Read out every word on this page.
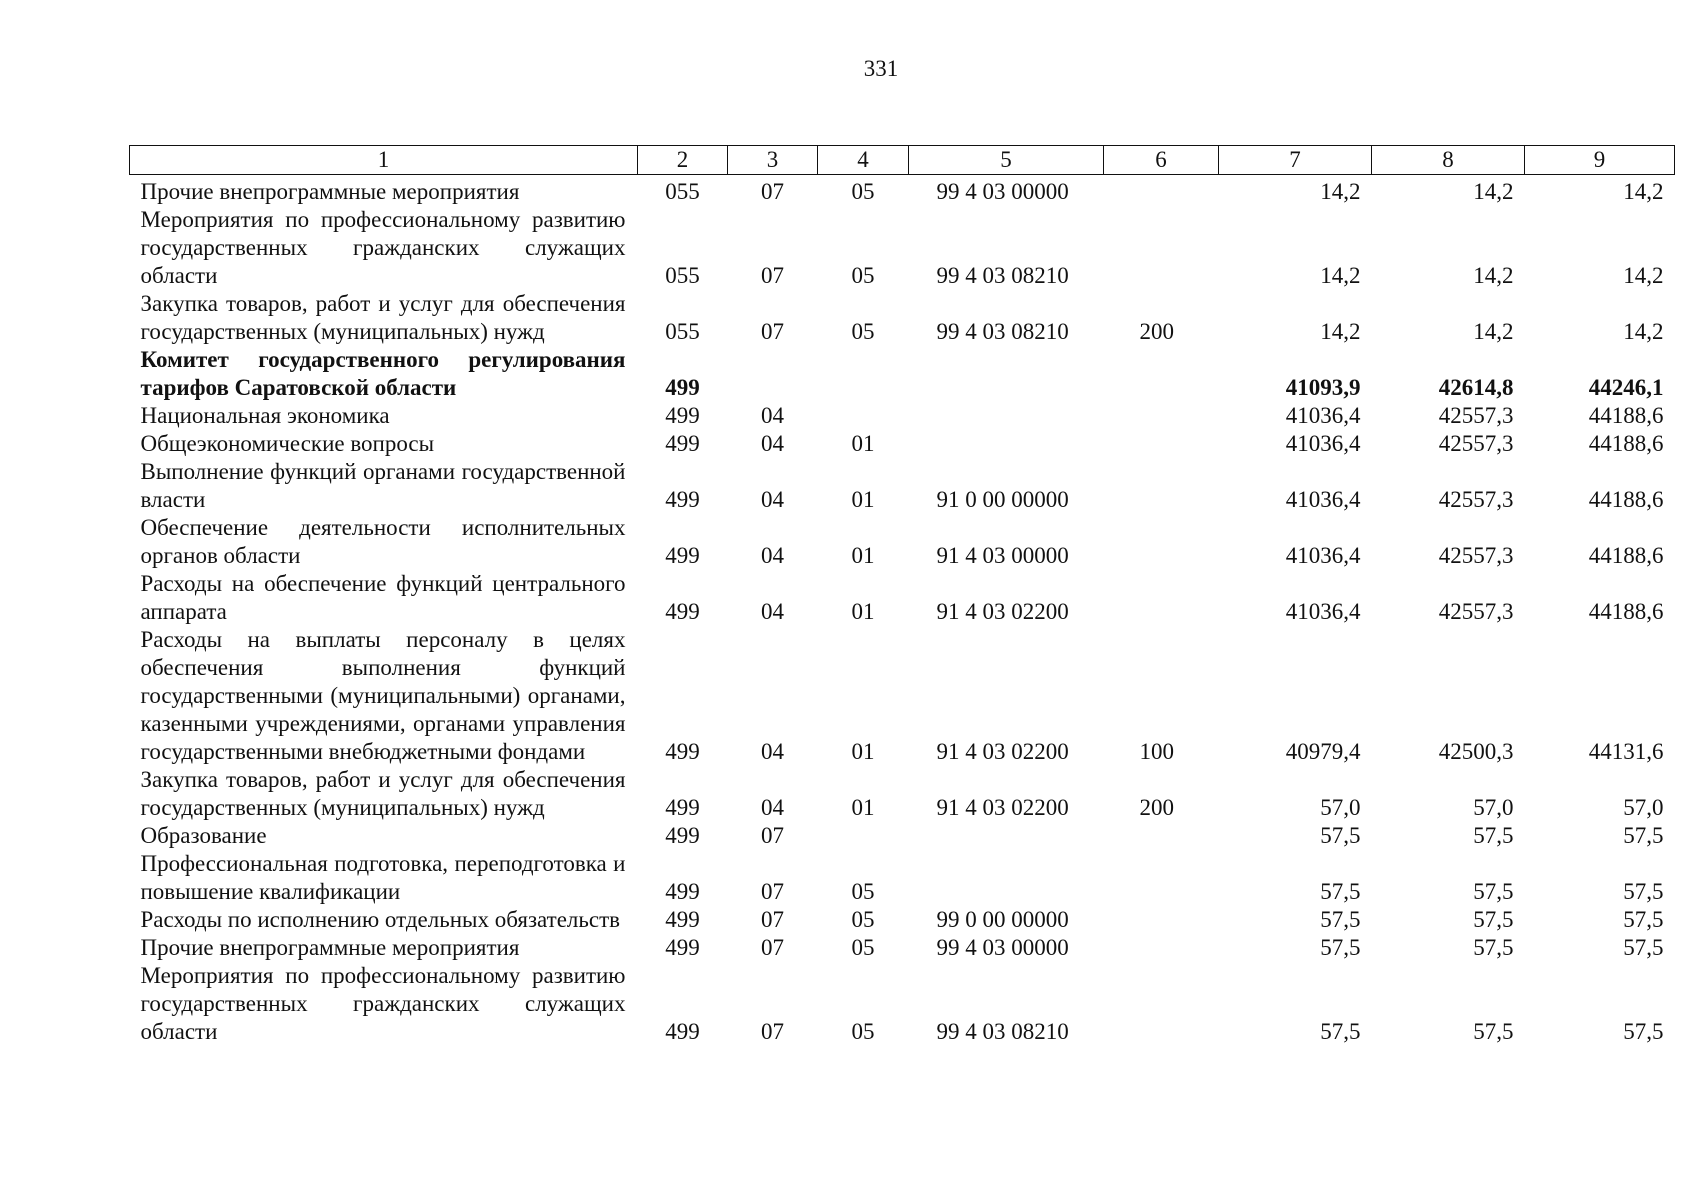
331
1	2	3	4	5	6	7	8	9
Прочие внепрограммные мероприятия	055	07	05	99 4 03 00000		14,2	14,2	14,2
Мероприятия по профессиональному развитию государственных гражданских служащих области	055	07	05	99 4 03 08210		14,2	14,2	14,2
Закупка товаров, работ и услуг для обеспечения государственных (муниципальных) нужд	055	07	05	99 4 03 08210	200	14,2	14,2	14,2
Комитет государственного регулирования тарифов Саратовской области	499					41093,9	42614,8	44246,1
Национальная экономика	499	04				41036,4	42557,3	44188,6
Общеэкономические вопросы	499	04	01			41036,4	42557,3	44188,6
Выполнение функций органами государственной власти	499	04	01	91 0 00 00000		41036,4	42557,3	44188,6
Обеспечение деятельности исполнительных органов области	499	04	01	91 4 03 00000		41036,4	42557,3	44188,6
Расходы на обеспечение функций центрального аппарата	499	04	01	91 4 03 02200		41036,4	42557,3	44188,6
Расходы на выплаты персоналу в целях обеспечения выполнения функций государственными (муниципальными) органами, казенными учреждениями, органами управления государственными внебюджетными фондами	499	04	01	91 4 03 02200	100	40979,4	42500,3	44131,6
Закупка товаров, работ и услуг для обеспечения государственных (муниципальных) нужд	499	04	01	91 4 03 02200	200	57,0	57,0	57,0
Образование	499	07				57,5	57,5	57,5
Профессиональная подготовка, переподготовка и повышение квалификации	499	07	05			57,5	57,5	57,5
Расходы по исполнению отдельных обязательств	499	07	05	99 0 00 00000		57,5	57,5	57,5
Прочие внепрограммные мероприятия	499	07	05	99 4 03 00000		57,5	57,5	57,5
Мероприятия по профессиональному развитию государственных гражданских служащих области	499	07	05	99 4 03 08210		57,5	57,5	57,5
